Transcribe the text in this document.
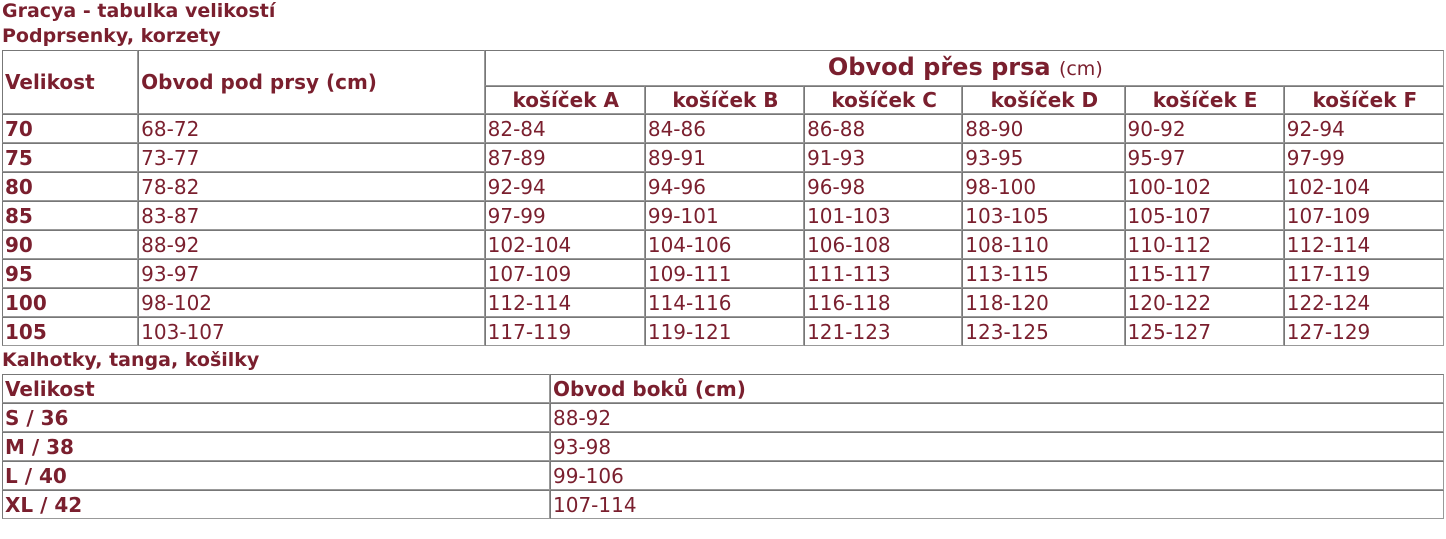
Gracya - tabulka velikostí
Podprsenky, korzety
Velikost	Obvod pod prsy (cm)	Obvod přes prsa (cm)					
		košíček A	košíček B	košíček C	košíček D	košíček E	košíček F
70	68-72	82-84	84-86	86-88	88-90	90-92	92-94
75	73-77	87-89	89-91	91-93	93-95	95-97	97-99
80	78-82	92-94	94-96	96-98	98-100	100-102	102-104
85	83-87	97-99	99-101	101-103	103-105	105-107	107-109
90	88-92	102-104	104-106	106-108	108-110	110-112	112-114
95	93-97	107-109	109-111	111-113	113-115	115-117	117-119
100	98-102	112-114	114-116	116-118	118-120	120-122	122-124
105	103-107	117-119	119-121	121-123	123-125	125-127	127-129
Kalhotky, tanga, košilky
Velikost	Obvod boků (cm)
S / 36	88-92
M / 38	93-98
L / 40	99-106
XL / 42	107-114
